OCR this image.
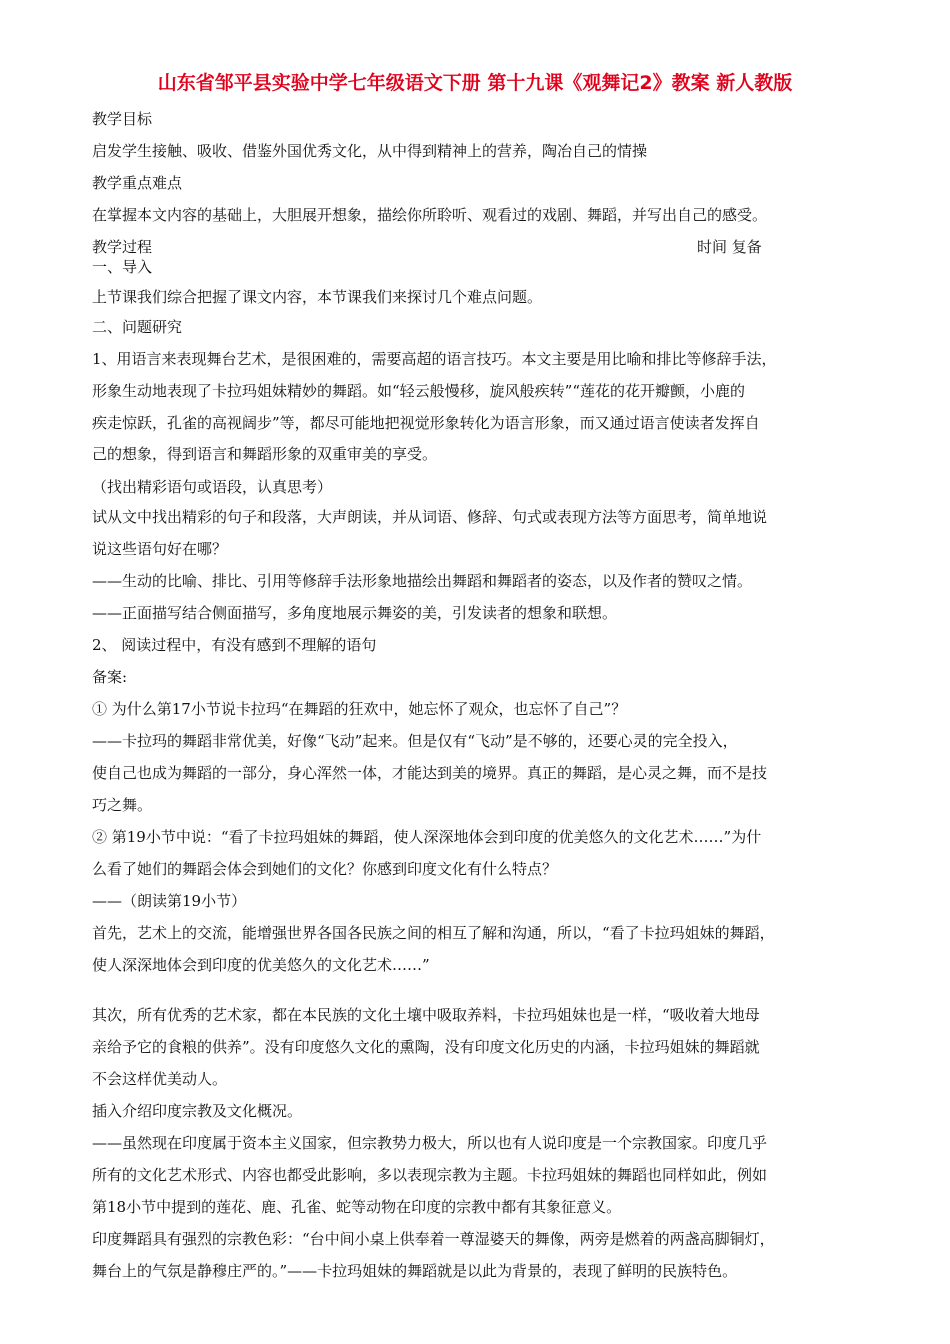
山东省邹平县实验中学七年级语文下册 第十九课《观舞记2》教案 新人教版
时间 复备
教学目标
启发学生接触、吸收、借鉴外国优秀文化，从中得到精神上的营养，陶冶自己的情操
教学重点难点
在掌握本文内容的基础上，大胆展开想象，描绘你所聆听、观看过的戏剧、舞蹈，并写出自己的感受。
教学过程
一、导入
上节课我们综合把握了课文内容，本节课我们来探讨几个难点问题。
二、问题研究
1、用语言来表现舞台艺术，是很困难的，需要高超的语言技巧。本文主要是用比喻和排比等修辞手法，
形象生动地表现了卡拉玛姐妹精妙的舞蹈。如“轻云般慢移，旋风般疾转”“莲花的花开瓣颤，小鹿的
疾走惊跃，孔雀的高视阔步”等，都尽可能地把视觉形象转化为语言形象，而又通过语言使读者发挥自
己的想象，得到语言和舞蹈形象的双重审美的享受。
（找出精彩语句或语段，认真思考）
试从文中找出精彩的句子和段落，大声朗读，并从词语、修辞、句式或表现方法等方面思考，简单地说
说这些语句好在哪？
——生动的比喻、排比、引用等修辞手法形象地描绘出舞蹈和舞蹈者的姿态，以及作者的赞叹之情。
——正面描写结合侧面描写，多角度地展示舞姿的美，引发读者的想象和联想。
2、 阅读过程中，有没有感到不理解的语句
备案:
① 为什么第17小节说卡拉玛“在舞蹈的狂欢中，她忘怀了观众，也忘怀了自己”？
——卡拉玛的舞蹈非常优美，好像“飞动”起来。但是仅有“飞动”是不够的，还要心灵的完全投入，
使自己也成为舞蹈的一部分，身心浑然一体，才能达到美的境界。真正的舞蹈，是心灵之舞，而不是技
巧之舞。
② 第19小节中说：“看了卡拉玛姐妹的舞蹈，使人深深地体会到印度的优美悠久的文化艺术……”为什
么看了她们的舞蹈会体会到她们的文化？你感到印度文化有什么特点？
——（朗读第19小节）
首先，艺术上的交流，能增强世界各国各民族之间的相互了解和沟通，所以，“看了卡拉玛姐妹的舞蹈，
使人深深地体会到印度的优美悠久的文化艺术……”
其次，所有优秀的艺术家，都在本民族的文化土壤中吸取养料，卡拉玛姐妹也是一样，“吸收着大地母
亲给予它的食粮的供养”。没有印度悠久文化的熏陶，没有印度文化历史的内涵，卡拉玛姐妹的舞蹈就
不会这样优美动人。
插入介绍印度宗教及文化概况。
——虽然现在印度属于资本主义国家，但宗教势力极大，所以也有人说印度是一个宗教国家。印度几乎
所有的文化艺术形式、内容也都受此影响，多以表现宗教为主题。卡拉玛姐妹的舞蹈也同样如此，例如
第18小节中提到的莲花、鹿、孔雀、蛇等动物在印度的宗教中都有其象征意义。
印度舞蹈具有强烈的宗教色彩：“台中间小桌上供奉着一尊湿婆天的舞像，两旁是燃着的两盏高脚铜灯，
舞台上的气氛是静穆庄严的。”——卡拉玛姐妹的舞蹈就是以此为背景的，表现了鲜明的民族特色。
